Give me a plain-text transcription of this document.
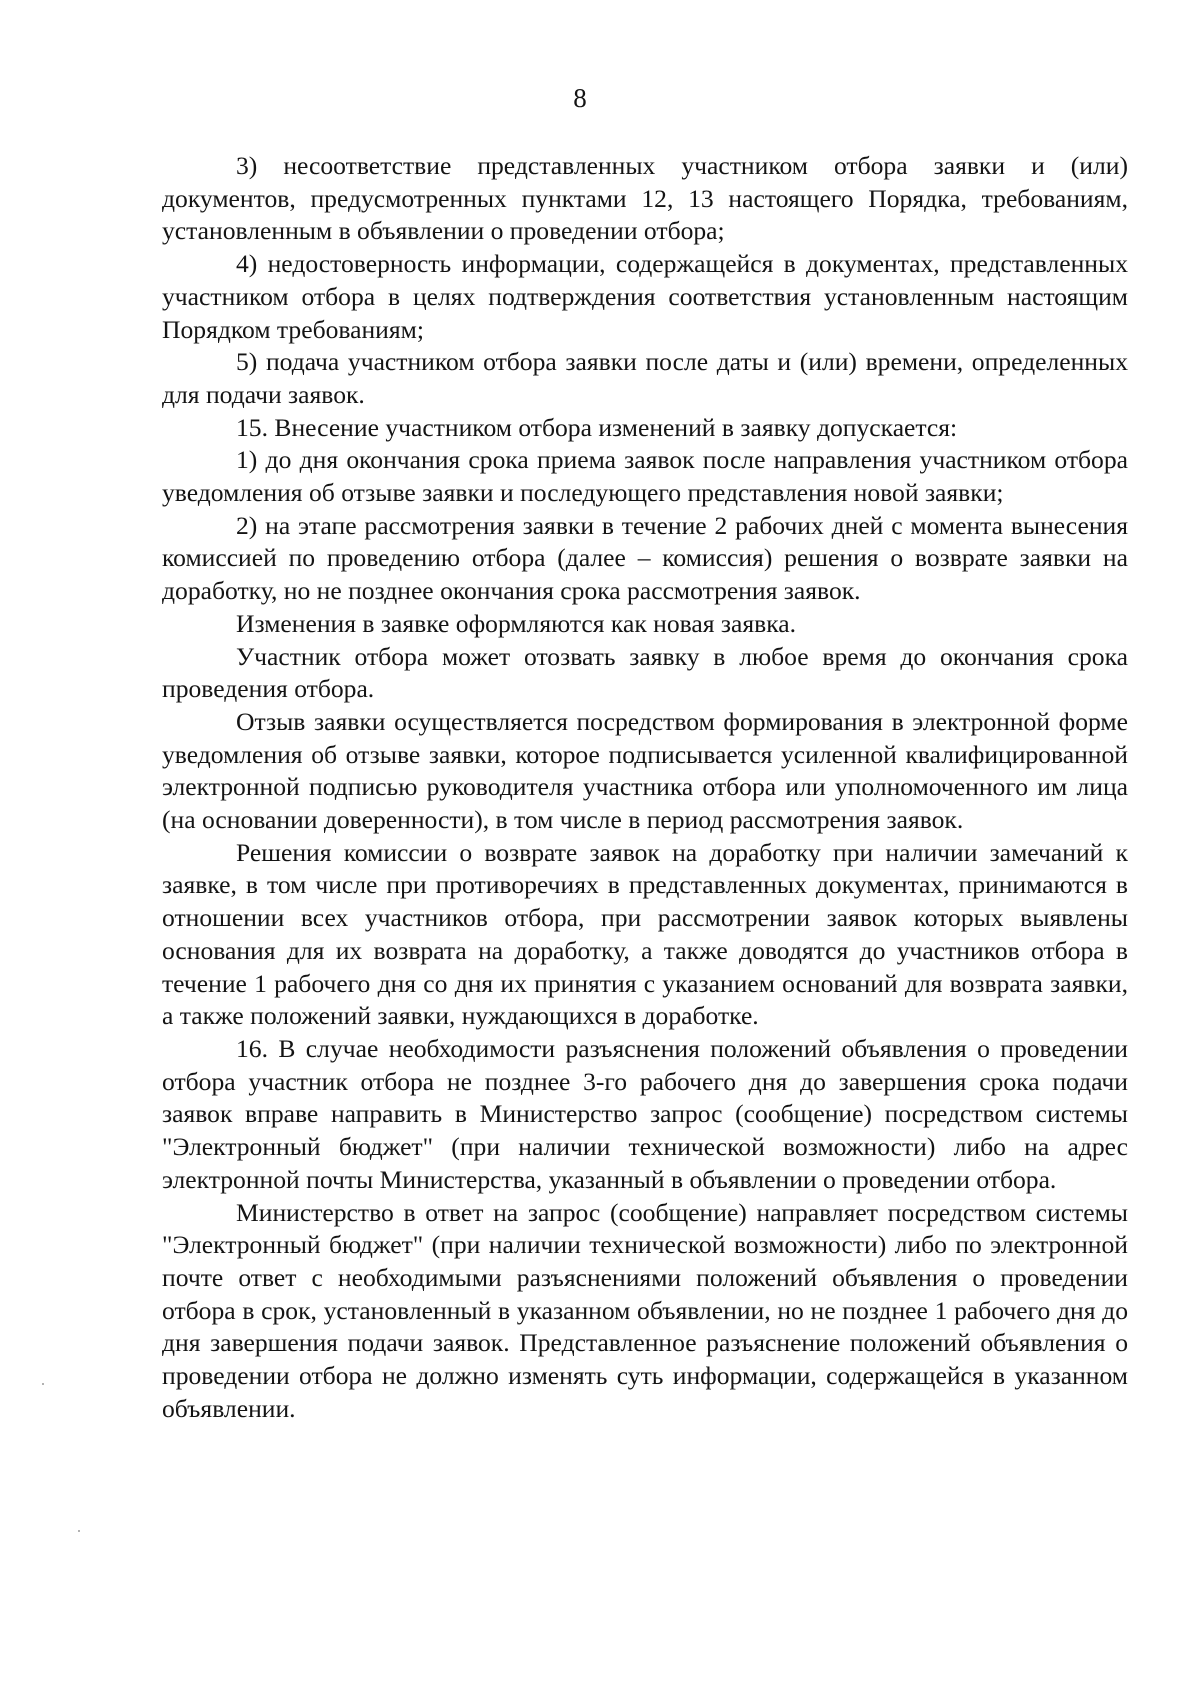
8

3) несоответствие представленных участником отбора заявки и (или) документов, предусмотренных пунктами 12, 13 настоящего Порядка, требованиям, установленным в объявлении о проведении отбора;

4) недостоверность информации, содержащейся в документах, представленных участником отбора в целях подтверждения соответствия установленным настоящим Порядком требованиям;

5) подача участником отбора заявки после даты и (или) времени, определенных для подачи заявок.

15. Внесение участником отбора изменений в заявку допускается:

1) до дня окончания срока приема заявок после направления участником отбора уведомления об отзыве заявки и последующего представления новой заявки;

2) на этапе рассмотрения заявки в течение 2 рабочих дней с момента вынесения комиссией по проведению отбора (далее – комиссия) решения о возврате заявки на доработку, но не позднее окончания срока рассмотрения заявок.

Изменения в заявке оформляются как новая заявка.

Участник отбора может отозвать заявку в любое время до окончания срока проведения отбора.

Отзыв заявки осуществляется посредством формирования в электронной форме уведомления об отзыве заявки, которое подписывается усиленной квалифицированной электронной подписью руководителя участника отбора или уполномоченного им лица (на основании доверенности), в том числе в период рассмотрения заявок.

Решения комиссии о возврате заявок на доработку при наличии замечаний к заявке, в том числе при противоречиях в представленных документах, принимаются в отношении всех участников отбора, при рассмотрении заявок которых выявлены основания для их возврата на доработку, а также доводятся до участников отбора в течение 1 рабочего дня со дня их принятия с указанием оснований для возврата заявки, а также положений заявки, нуждающихся в доработке.

16. В случае необходимости разъяснения положений объявления о проведении отбора участник отбора не позднее 3-го рабочего дня до завершения срока подачи заявок вправе направить в Министерство запрос (сообщение) посредством системы "Электронный бюджет" (при наличии технической возможности) либо на адрес электронной почты Министерства, указанный в объявлении о проведении отбора.

Министерство в ответ на запрос (сообщение) направляет посредством системы "Электронный бюджет" (при наличии технической возможности) либо по электронной почте ответ с необходимыми разъяснениями положений объявления о проведении отбора в срок, установленный в указанном объявлении, но не позднее 1 рабочего дня до дня завершения подачи заявок. Представленное разъяснение положений объявления о проведении отбора не должно изменять суть информации, содержащейся в указанном объявлении.
